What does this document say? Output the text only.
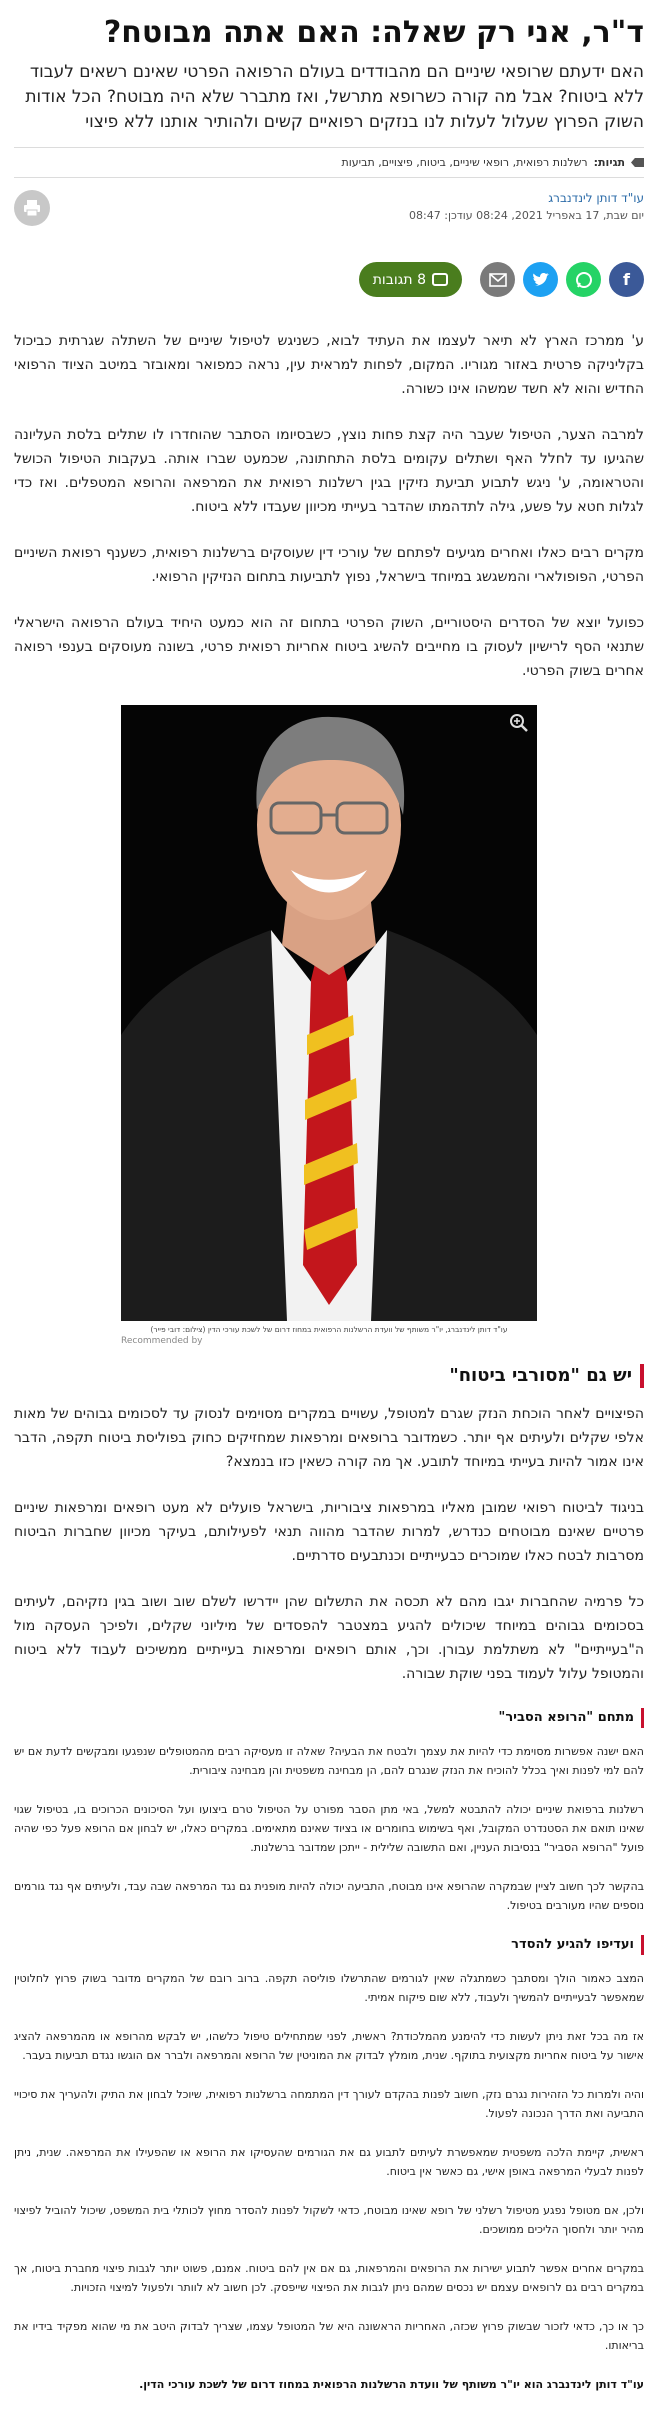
ד"ר, אני רק שאלה: האם אתה מבוטח?

האם ידעתם שרופאי שיניים הם מהבודדים בעולם הרפואה הפרטי שאינם רשאים לעבוד ללא ביטוח? אבל מה קורה כשרופא מתרשל, ואז מתברר שלא היה מבוטח? הכל אודות השוק הפרוץ שעלול לעלות לנו בנזקים רפואיים קשים ולהותיר אותנו ללא פיצוי

תגיות:
רשלנות רפואית, רופאי שיניים, ביטוח, פיצויים, תביעות
עו"ד דותן לינדנברג
יום שבת, 17 באפריל 2021, 08:24 עודכן: 08:47
f
8 תגובות

ע' ממרכז הארץ לא תיאר לעצמו את העתיד לבוא, כשניגש לטיפול שיניים של השתלה שגרתית כביכול בקליניקה פרטית באזור מגוריו. המקום, לפחות למראית עין, נראה כמפואר ומאובזר במיטב הציוד הרפואי החדיש והוא לא חשד שמשהו אינו כשורה.

למרבה הצער, הטיפול שעבר היה קצת פחות נוצץ, כשבסיומו הסתבר שהוחדרו לו שתלים בלסת העליונה שהגיעו עד לחלל האף ושתלים עקומים בלסת התחתונה, שכמעט שברו אותה. בעקבות הטיפול הכושל והטראומה, ע' ניגש לתבוע תביעת נזיקין בגין רשלנות רפואית את המרפאה והרופא המטפלים. ואז כדי לגלות חטא על פשע, גילה לתדהמתו שהדבר בעייתי מכיוון שעבדו ללא ביטוח.

מקרים רבים כאלו ואחרים מגיעים לפתחם של עורכי דין שעוסקים ברשלנות רפואית, כשענף רפואת השיניים הפרטי, הפופולארי והמשגשג במיוחד בישראל, נפוץ לתביעות בתחום הנזיקין הרפואי.

כפועל יוצא של הסדרים היסטוריים, השוק הפרטי בתחום זה הוא כמעט היחיד בעולם הרפואה הישראלי שתנאי הסף לרישיון לעסוק בו מחייבים להשיג ביטוח אחריות רפואית פרטי, בשונה מעוסקים בענפי רפואה אחרים בשוק הפרטי.

עו"ד דותן לינדנברג, יו"ר משותף של וועדת הרשלנות הרפואית במחוז דרום של לשכת עורכי הדין (צילום: דובי פייר)

Recommended by

יש גם "מסורבי ביטוח"

הפיצויים לאחר הוכחת הנזק שגרם למטופל, עשויים במקרים מסוימים לנסוק עד לסכומים גבוהים של מאות אלפי שקלים ולעיתים אף יותר. כשמדובר ברופאים ומרפאות שמחזיקים כחוק בפוליסת ביטוח תקפה, הדבר אינו אמור להיות בעייתי במיוחד לתובע. אך מה קורה כשאין כזו בנמצא?

בניגוד לביטוח רפואי שמובן מאליו במרפאות ציבוריות, בישראל פועלים לא מעט רופאים ומרפאות שיניים פרטיים שאינם מבוטחים כנדרש, למרות שהדבר מהווה תנאי לפעילותם, בעיקר מכיוון שחברות הביטוח מסרבות לבטח כאלו שמוכרים כבעייתיים וכנתבעים סדרתיים.

כל פרמיה שהחברות יגבו מהם לא תכסה את התשלום שהן יידרשו לשלם שוב ושוב בגין נזקיהם, לעיתים בסכומים גבוהים במיוחד שיכולים להגיע במצטבר להפסדים של מיליוני שקלים, ולפיכך העסקה מול ה"בעייתיים" לא משתלמת עבורן. וכך, אותם רופאים ומרפאות בעייתיים ממשיכים לעבוד ללא ביטוח והמטופל עלול לעמוד בפני שוקת שבורה.

מתחם "הרופא הסביר"

האם ישנה אפשרות מסוימת כדי להיות את עצמך ולבטח את הבעיה? שאלה זו מעסיקה רבים מהמטופלים שנפגעו ומבקשים לדעת אם יש להם למי לפנות ואיך בכלל להוכיח את הנזק שנגרם להם, הן מבחינה משפטית והן מבחינה ציבורית.

רשלנות ברפואת שיניים יכולה להתבטא למשל, באי מתן הסבר מפורט על הטיפול טרם ביצועו ועל הסיכונים הכרוכים בו, בטיפול שגוי שאינו תואם את הסטנדרט המקובל, ואף בשימוש בחומרים או בציוד שאינם מתאימים. במקרים כאלו, יש לבחון אם הרופא פעל כפי שהיה פועל "הרופא הסביר" בנסיבות העניין, ואם התשובה שלילית - ייתכן שמדובר ברשלנות.

בהקשר לכך חשוב לציין שבמקרה שהרופא אינו מבוטח, התביעה יכולה להיות מופנית גם נגד המרפאה שבה עבד, ולעיתים אף נגד גורמים נוספים שהיו מעורבים בטיפול.

ועדיפו להגיע להסדר

המצב כאמור הולך ומסתבך כשמתגלה שאין לגורמים שהתרשלו פוליסה תקפה. ברוב רובם של המקרים מדובר בשוק פרוץ לחלוטין שמאפשר לבעייתיים להמשיך ולעבוד, ללא שום פיקוח אמיתי.

אז מה בכל זאת ניתן לעשות כדי להימנע מהמלכודת? ראשית, לפני שמתחילים טיפול כלשהו, יש לבקש מהרופא או מהמרפאה להציג אישור על ביטוח אחריות מקצועית בתוקף. שנית, מומלץ לבדוק את המוניטין של הרופא והמרפאה ולברר אם הוגשו נגדם תביעות בעבר.

והיה ולמרות כל הזהירות נגרם נזק, חשוב לפנות בהקדם לעורך דין המתמחה ברשלנות רפואית, שיוכל לבחון את התיק ולהעריך את סיכויי התביעה ואת הדרך הנכונה לפעול.

ראשית, קיימת הלכה משפטית שמאפשרת לעיתים לתבוע גם את הגורמים שהעסיקו את הרופא או שהפעילו את המרפאה. שנית, ניתן לפנות לבעלי המרפאה באופן אישי, גם כאשר אין ביטוח.

ולכן, אם מטופל נפגע מטיפול רשלני של רופא שאינו מבוטח, כדאי לשקול לפנות להסדר מחוץ לכותלי בית המשפט, שיכול להוביל לפיצוי מהיר יותר ולחסוך הליכים ממושכים.

במקרים אחרים אפשר לתבוע ישירות את הרופאים והמרפאות, גם אם אין להם ביטוח. אמנם, פשוט יותר לגבות פיצוי מחברת ביטוח, אך במקרים רבים גם לרופאים עצמם יש נכסים שמהם ניתן לגבות את הפיצוי שייפסק. לכן חשוב לא לוותר ולפעול למיצוי הזכויות.

כך או כך, כדאי לזכור שבשוק פרוץ שכזה, האחריות הראשונה היא של המטופל עצמו, שצריך לבדוק היטב את מי שהוא מפקיד בידיו את בריאותו.

עו"ד דותן לינדנברג הוא יו"ר משותף של וועדת הרשלנות הרפואית במחוז דרום של לשכת עורכי הדין.
